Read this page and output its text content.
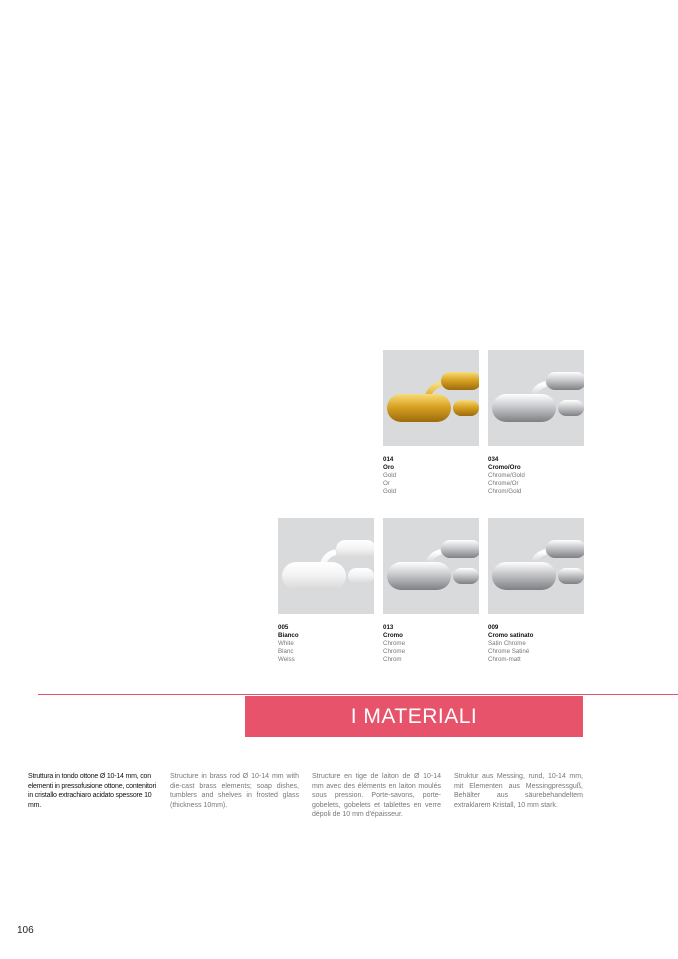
014
Oro
Gold
Or
Gold
034
Cromo/Oro
Chrome/Gold
Chrome/Or
Chrom/Gold
005
Bianco
White
Blanc
Weiss
013
Cromo
Chrome
Chrome
Chrom
009
Cromo satinato
Satin Chrome
Chrome Satiné
Chrom-matt
I MATERIALI
Struttura in tondo ottone Ø 10-14 mm, con elementi in pressofusione ottone, contenitori in cristallo extrachiaro acidato spessore 10 mm.
Structure in brass rod Ø 10-14 mm with die-cast brass elements; soap dishes, tumblers and shelves in frosted glass (thickness 10mm).
Structure en tige de laiton de Ø 10-14 mm avec des éléments en laiton moulés sous pression. Porte-savons, porte-gobelets, gobelets et tablettes en verre dépoli de 10 mm d'épaisseur.
Struktur aus Messing, rund, 10-14 mm, mit Elementen aus Messingpressguß, Behälter aus säurebehandeltem extraklarem Kristall, 10 mm stark.
106
